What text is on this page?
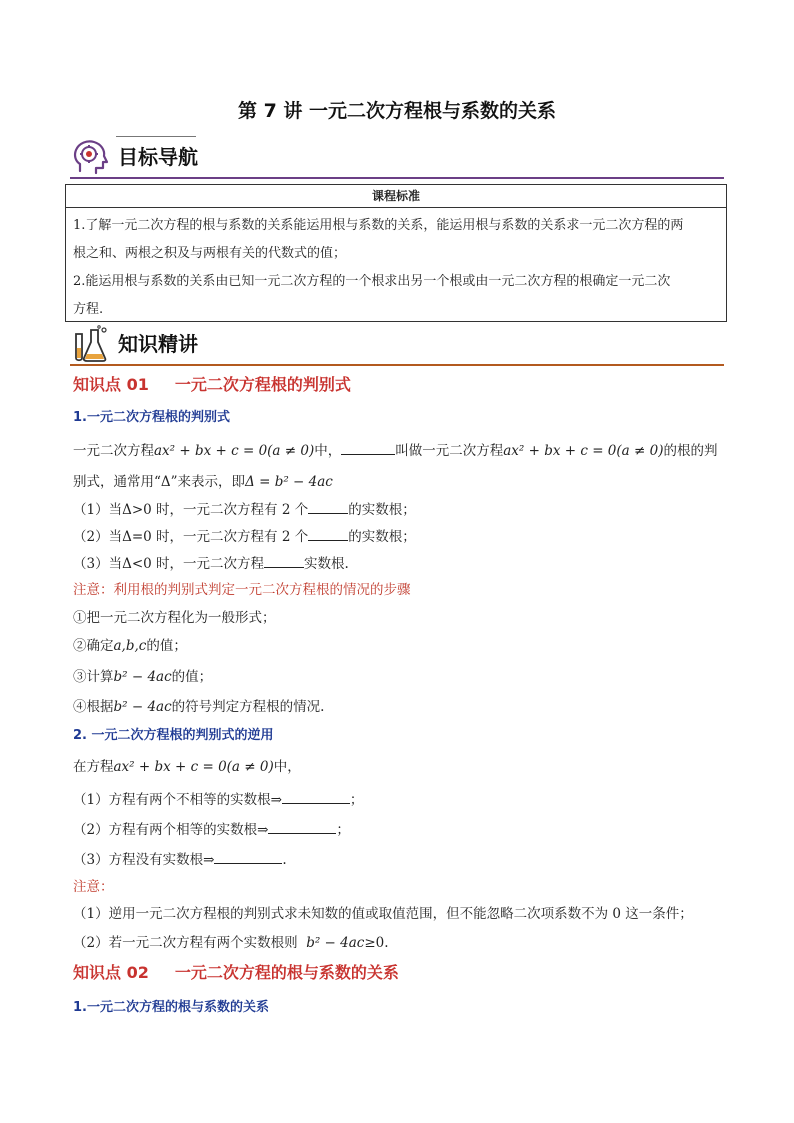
第 7 讲 一元二次方程根与系数的关系
目标导航
课程标准
1.了解一元二次方程的根与系数的关系能运用根与系数的关系，能运用根与系数的关系求一元二次方程的两
根之和、两根之积及与两根有关的代数式的值；
2.能运用根与系数的关系由已知一元二次方程的一个根求出另一个根或由一元二次方程的根确定一元二次
方程.
知识精讲
知识点 01 一元二次方程根的判别式
1.一元二次方程根的判别式
一元二次方程ax² + bx + c = 0(a ≠ 0)中，	叫做一元二次方程ax² + bx + c = 0(a ≠ 0)的根的判
别式，通常用“Δ”来表示，即Δ = b² − 4ac
（1）当Δ>0 时，一元二次方程有 2 个	的实数根；
（2）当Δ=0 时，一元二次方程有 2 个	的实数根；
（3）当Δ<0 时，一元二次方程	实数根.
注意：利用根的判别式判定一元二次方程根的情况的步骤
①把一元二次方程化为一般形式；
②确定a,b,c的值；
③计算b² − 4ac的值；
④根据b² − 4ac的符号判定方程根的情况.
2. 一元二次方程根的判别式的逆用
在方程ax² + bx + c = 0(a ≠ 0)中，
（1）方程有两个不相等的实数根⇒	；
（2）方程有两个相等的实数根⇒	；
（3）方程没有实数根⇒	.
注意：
（1）逆用一元二次方程根的判别式求未知数的值或取值范围，但不能忽略二次项系数不为 0 这一条件；
（2）若一元二次方程有两个实数根则 b² − 4ac≥0.
知识点 02 一元二次方程的根与系数的关系
1.一元二次方程的根与系数的关系
